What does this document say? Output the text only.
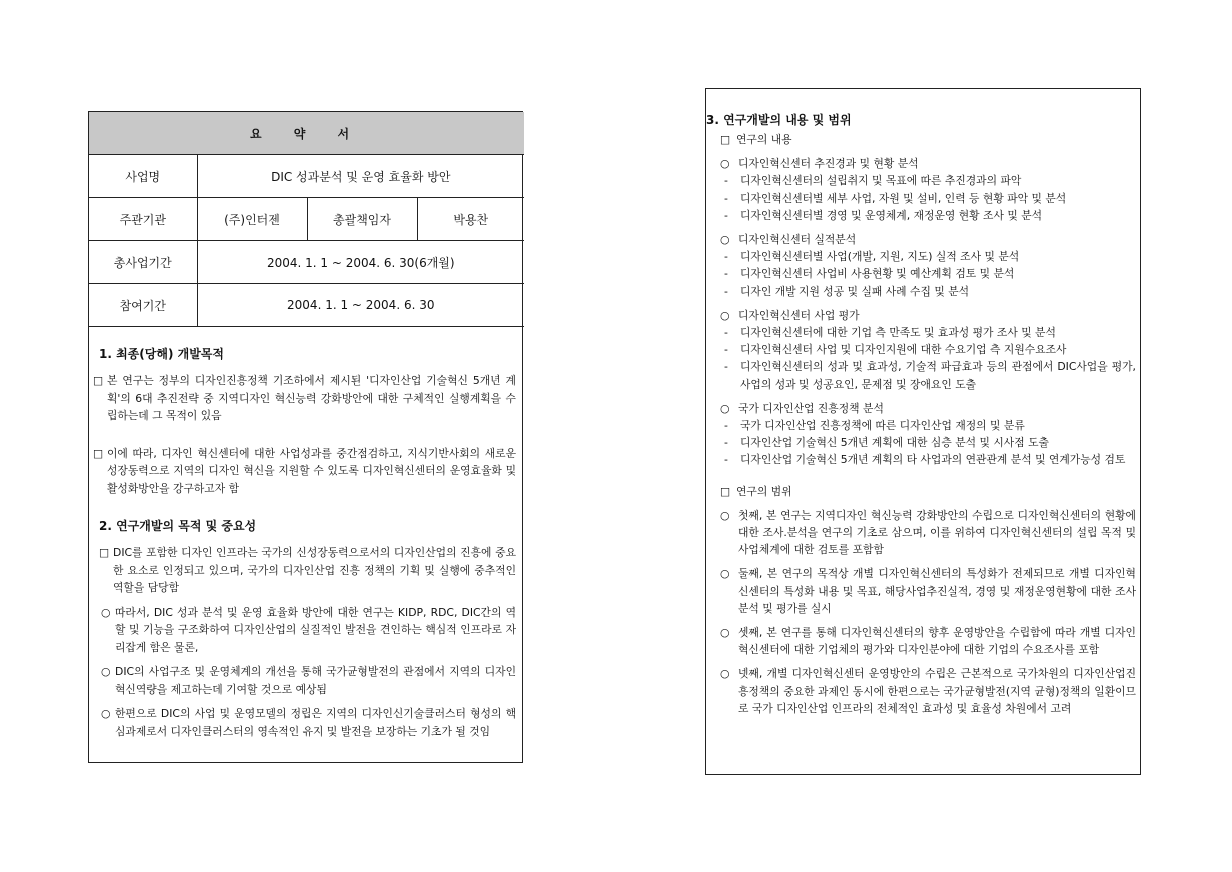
요 약 서			
사업명	DIC 성과분석 및 운영 효율화 방안		
주관기관	(주)인터젠	총괄책임자	박용찬
총사업기간	2004. 1. 1 ~ 2004. 6. 30(6개월)		
참여기간	2004. 1. 1 ~ 2004. 6. 30		
1. 최종(당해) 개발목적
□ 본 연구는 정부의 디자인진흥정책 기조하에서 제시된 '디자인산업 기술혁신 5개년 계획'의 6대 추진전략 중 지역디자인 혁신능력 강화방안에 대한 구체적인 실행계획을 수립하는데 그 목적이 있음
□ 이에 따라, 디자인 혁신센터에 대한 사업성과를 중간점검하고, 지식기반사회의 새로운 성장동력으로 지역의 디자인 혁신을 지원할 수 있도록 디자인혁신센터의 운영효율화 및 활성화방안을 강구하고자 함
2. 연구개발의 목적 및 중요성
□ DIC를 포함한 디자인 인프라는 국가의 신성장동력으로서의 디자인산업의 진흥에 중요한 요소로 인정되고 있으며, 국가의 디자인산업 진흥 정책의 기획 및 실행에 중추적인 역할을 담당함
○ 따라서, DIC 성과 분석 및 운영 효율화 방안에 대한 연구는 KIDP, RDC, DIC간의 역할 및 기능을 구조화하여 디자인산업의 실질적인 발전을 견인하는 핵심적 인프라로 자리잡게 함은 물론,
○ DIC의 사업구조 및 운영체계의 개선을 통해 국가균형발전의 관점에서 지역의 디자인 혁신역량을 제고하는데 기여할 것으로 예상됨
○ 한편으로 DIC의 사업 및 운영모델의 정립은 지역의 디자인신기술클러스터 형성의 핵심과제로서 디자인클러스터의 영속적인 유지 및 발전을 보장하는 기초가 될 것임
3. 연구개발의 내용 및 범위
□ 연구의 내용
○ 디자인혁신센터 추진경과 및 현황 분석
-	디자인혁신센터의 설립취지 및 목표에 따른 추진경과의 파악
-	디자인혁신센터별 세부 사업, 자원 및 설비, 인력 등 현황 파악 및 분석
-	디자인혁신센터별 경영 및 운영체계, 재정운영 현황 조사 및 분석
○ 디자인혁신센터 실적분석
-	디자인혁신센터별 사업(개발, 지원, 지도) 실적 조사 및 분석
-	디자인혁신센터 사업비 사용현황 및 예산계획 검토 및 분석
-	디자인 개발 지원 성공 및 실패 사례 수집 및 분석
○ 디자인혁신센터 사업 평가
-	디자인혁신센터에 대한 기업 측 만족도 및 효과성 평가 조사 및 분석
-	디자인혁신센터 사업 및 디자인지원에 대한 수요기업 측 지원수요조사
-	디자인혁신센터의 성과 및 효과성, 기술적 파급효과 등의 관점에서 DIC사업을 평가, 사업의 성과 및 성공요인, 문제점 및 장애요인 도출
○ 국가 디자인산업 진흥정책 분석
-	국가 디자인산업 진흥정책에 따른 디자인산업 재정의 및 분류
-	디자인산업 기술혁신 5개년 계획에 대한 심층 분석 및 시사점 도출
-	디자인산업 기술혁신 5개년 계획의 타 사업과의 연관관계 분석 및 연계가능성 검토
□ 연구의 범위
○ 첫째, 본 연구는 지역디자인 혁신능력 강화방안의 수립으로 디자인혁신센터의 현황에 대한 조사.분석을 연구의 기초로 삼으며, 이를 위하여 디자인혁신센터의 설립 목적 및 사업체계에 대한 검토를 포함함
○ 둘째, 본 연구의 목적상 개별 디자인혁신센터의 특성화가 전제되므로 개별 디자인혁신센터의 특성화 내용 및 목표, 해당사업추진실적, 경영 및 재정운영현황에 대한 조사분석 및 평가를 실시
○ 셋째, 본 연구를 통해 디자인혁신센터의 향후 운영방안을 수립함에 따라 개별 디자인혁신센터에 대한 기업체의 평가와 디자인분야에 대한 기업의 수요조사를 포함
○ 넷째, 개별 디자인혁신센터 운영방안의 수립은 근본적으로 국가차원의 디자인산업진흥정책의 중요한 과제인 동시에 한편으로는 국가균형발전(지역 균형)정책의 일환이므로 국가 디자인산업 인프라의 전체적인 효과성 및 효율성 차원에서 고려
